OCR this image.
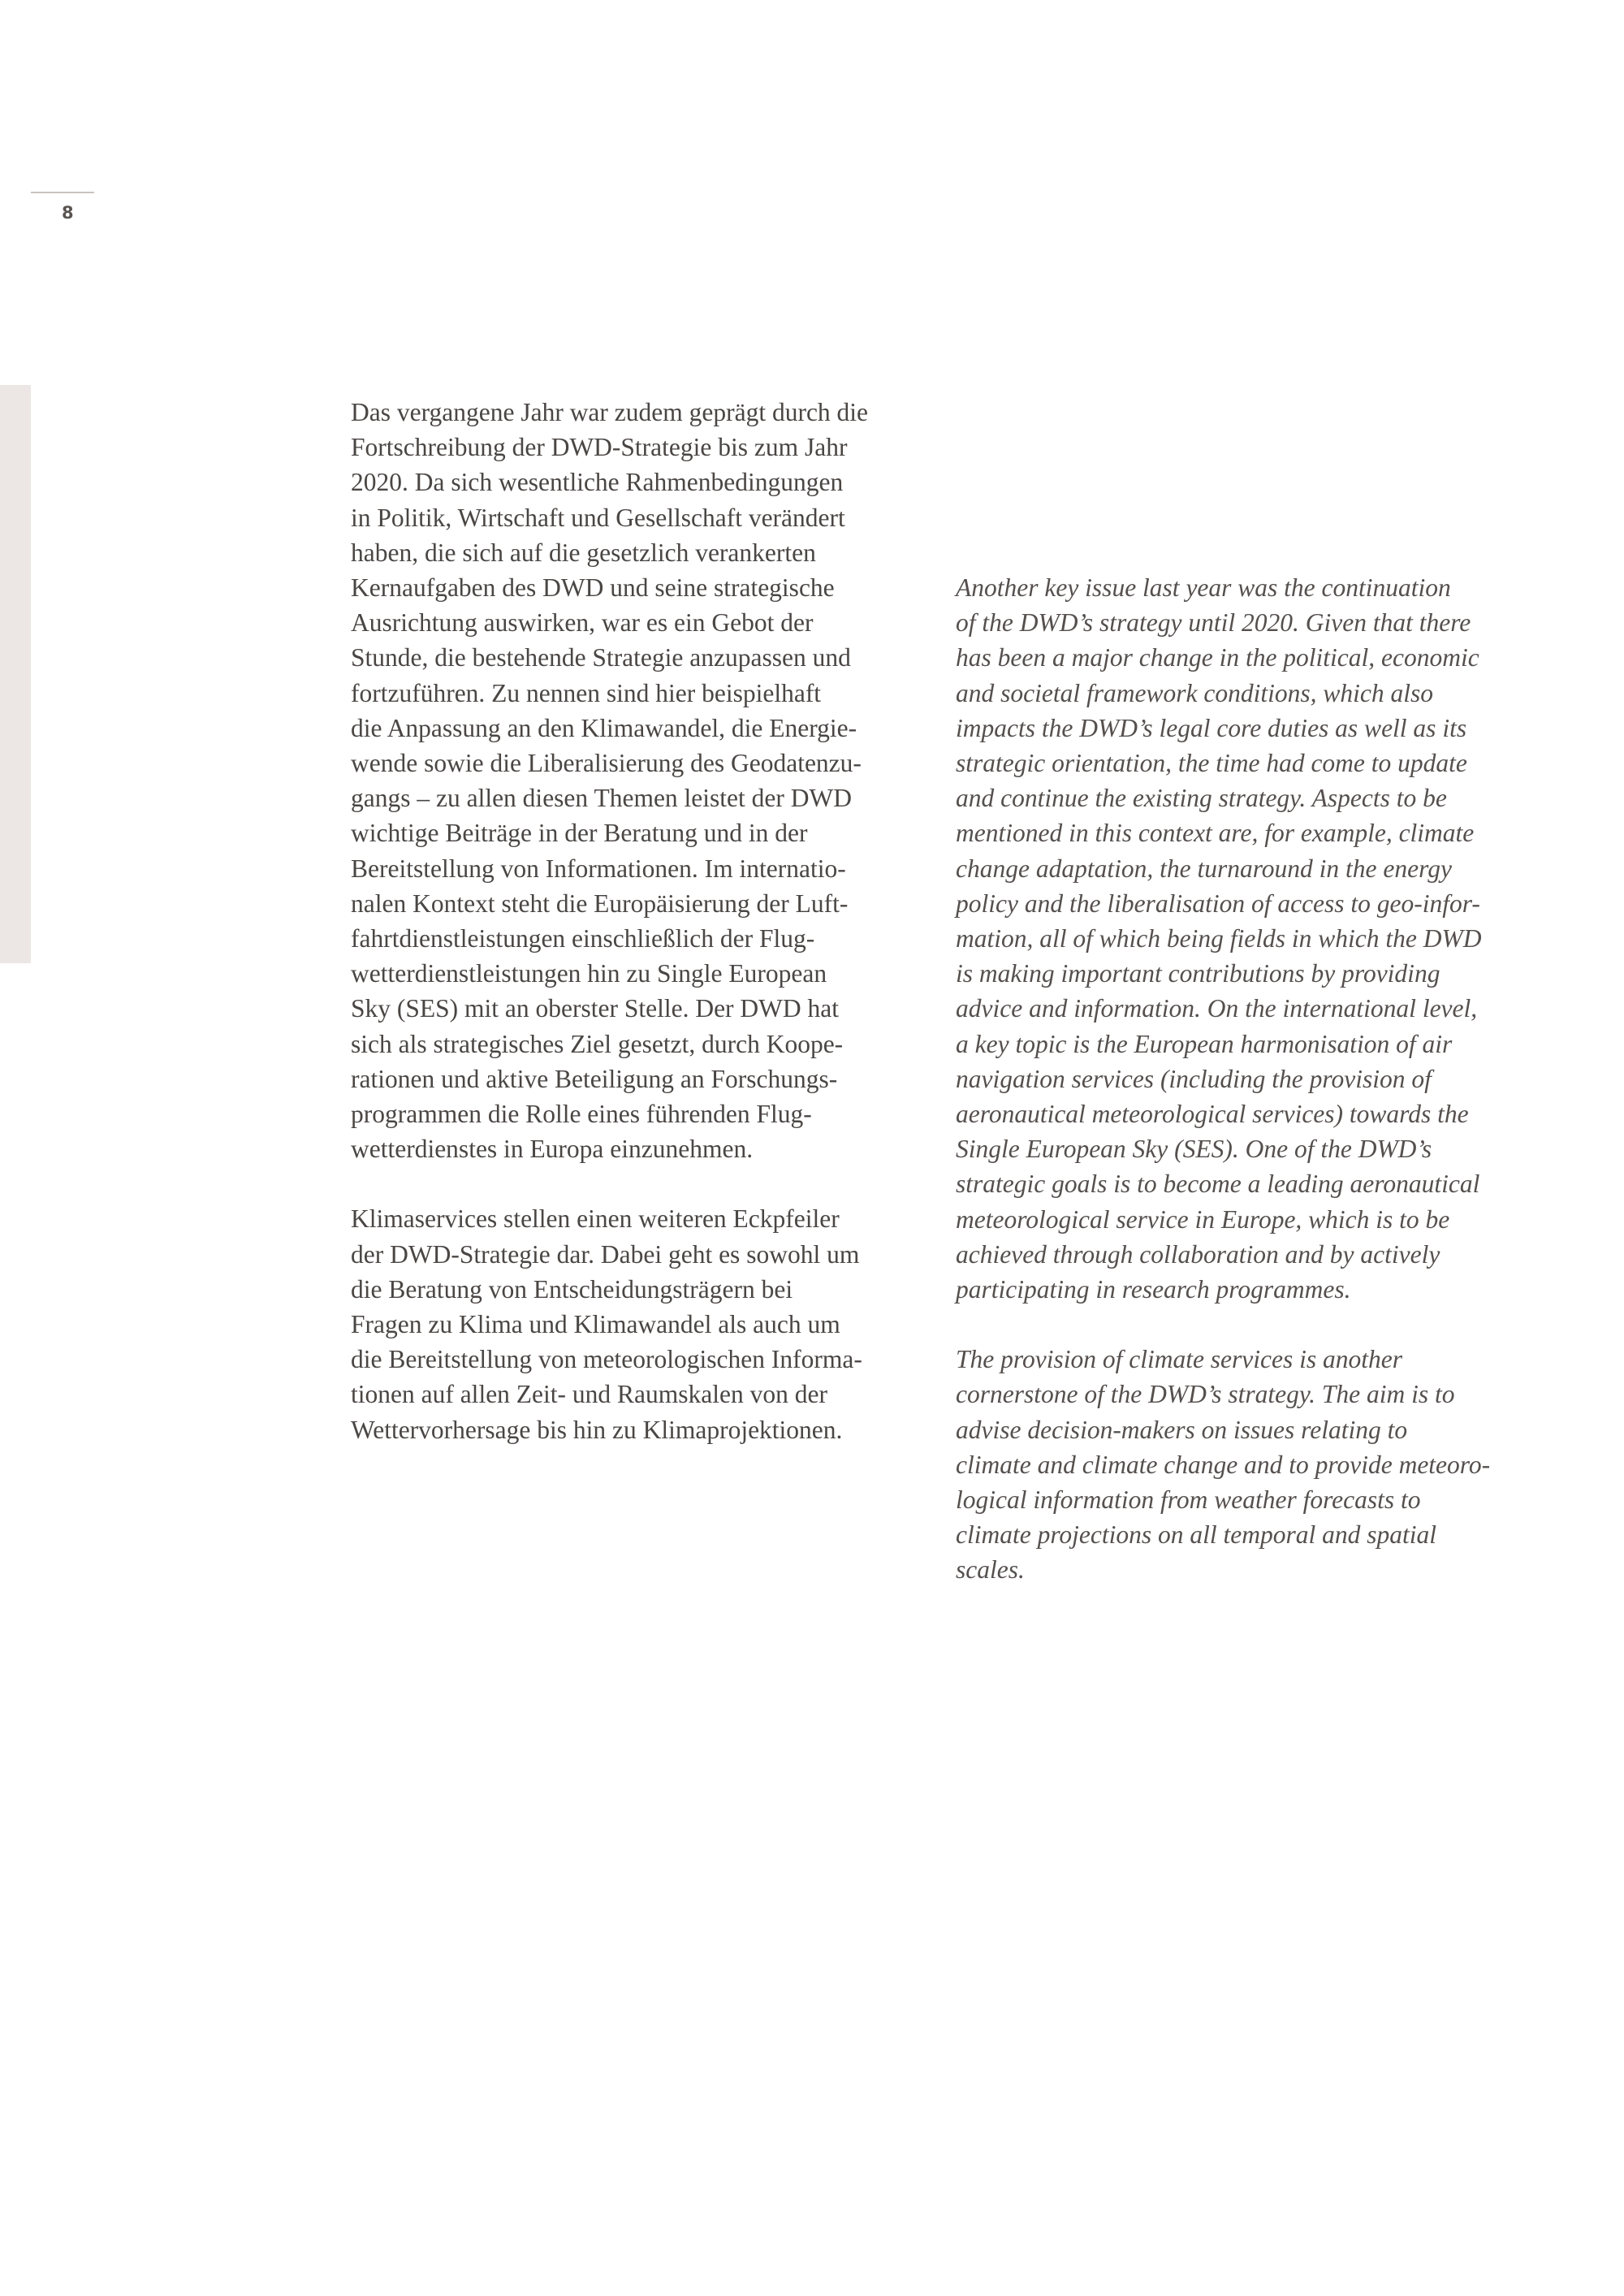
8
Das vergangene Jahr war zudem geprägt durch die
Fortschreibung der DWD-Strategie bis zum Jahr
2020. Da sich wesentliche Rahmenbedingungen
in Politik, Wirtschaft und Gesellschaft verändert
haben, die sich auf die gesetzlich verankerten
Kernaufgaben des DWD und seine strategische
Ausrichtung auswirken, war es ein Gebot der
Stunde, die bestehende Strategie anzupassen und
fortzuführen. Zu nennen sind hier beispielhaft
die Anpassung an den Klimawandel, die Energie-
wende sowie die Liberalisierung des Geodatenzu-
gangs – zu allen diesen Themen leistet der DWD
wichtige Beiträge in der Beratung und in der
Bereitstellung von Informationen. Im internatio-
nalen Kontext steht die Europäisierung der Luft-
fahrtdienstleistungen einschließlich der Flug-
wetterdienstleistungen hin zu Single European
Sky (SES) mit an oberster Stelle. Der DWD hat
sich als strategisches Ziel gesetzt, durch Koope-
rationen und aktive Beteiligung an Forschungs-
programmen die Rolle eines führenden Flug-
wetterdienstes in Europa einzunehmen.
Klimaservices stellen einen weiteren Eckpfeiler
der DWD-Strategie dar. Dabei geht es sowohl um
die Beratung von Entscheidungsträgern bei
Fragen zu Klima und Klimawandel als auch um
die Bereitstellung von meteorologischen Informa-
tionen auf allen Zeit- und Raumskalen von der
Wettervorhersage bis hin zu Klimaprojektionen.
Another key issue last year was the continuation
of the DWD’s strategy until 2020. Given that there
has been a major change in the political, economic
and societal framework conditions, which also
impacts the DWD’s legal core duties as well as its
strategic orientation, the time had come to update
and continue the existing strategy. Aspects to be
mentioned in this context are, for example, climate
change adaptation, the turnaround in the energy
policy and the liberalisation of access to geo-infor-
mation, all of which being fields in which the DWD
is making important contributions by providing
advice and information. On the international level,
a key topic is the European harmonisation of air
navigation services (including the provision of
aeronautical meteorological services) towards the
Single European Sky (SES). One of the DWD’s
strategic goals is to become a leading aeronautical
meteorological service in Europe, which is to be
achieved through collaboration and by actively
participating in research programmes.
The provision of climate services is another
cornerstone of the DWD’s strategy. The aim is to
advise decision-makers on issues relating to
climate and climate change and to provide meteoro-
logical information from weather forecasts to
climate projections on all temporal and spatial
scales.
